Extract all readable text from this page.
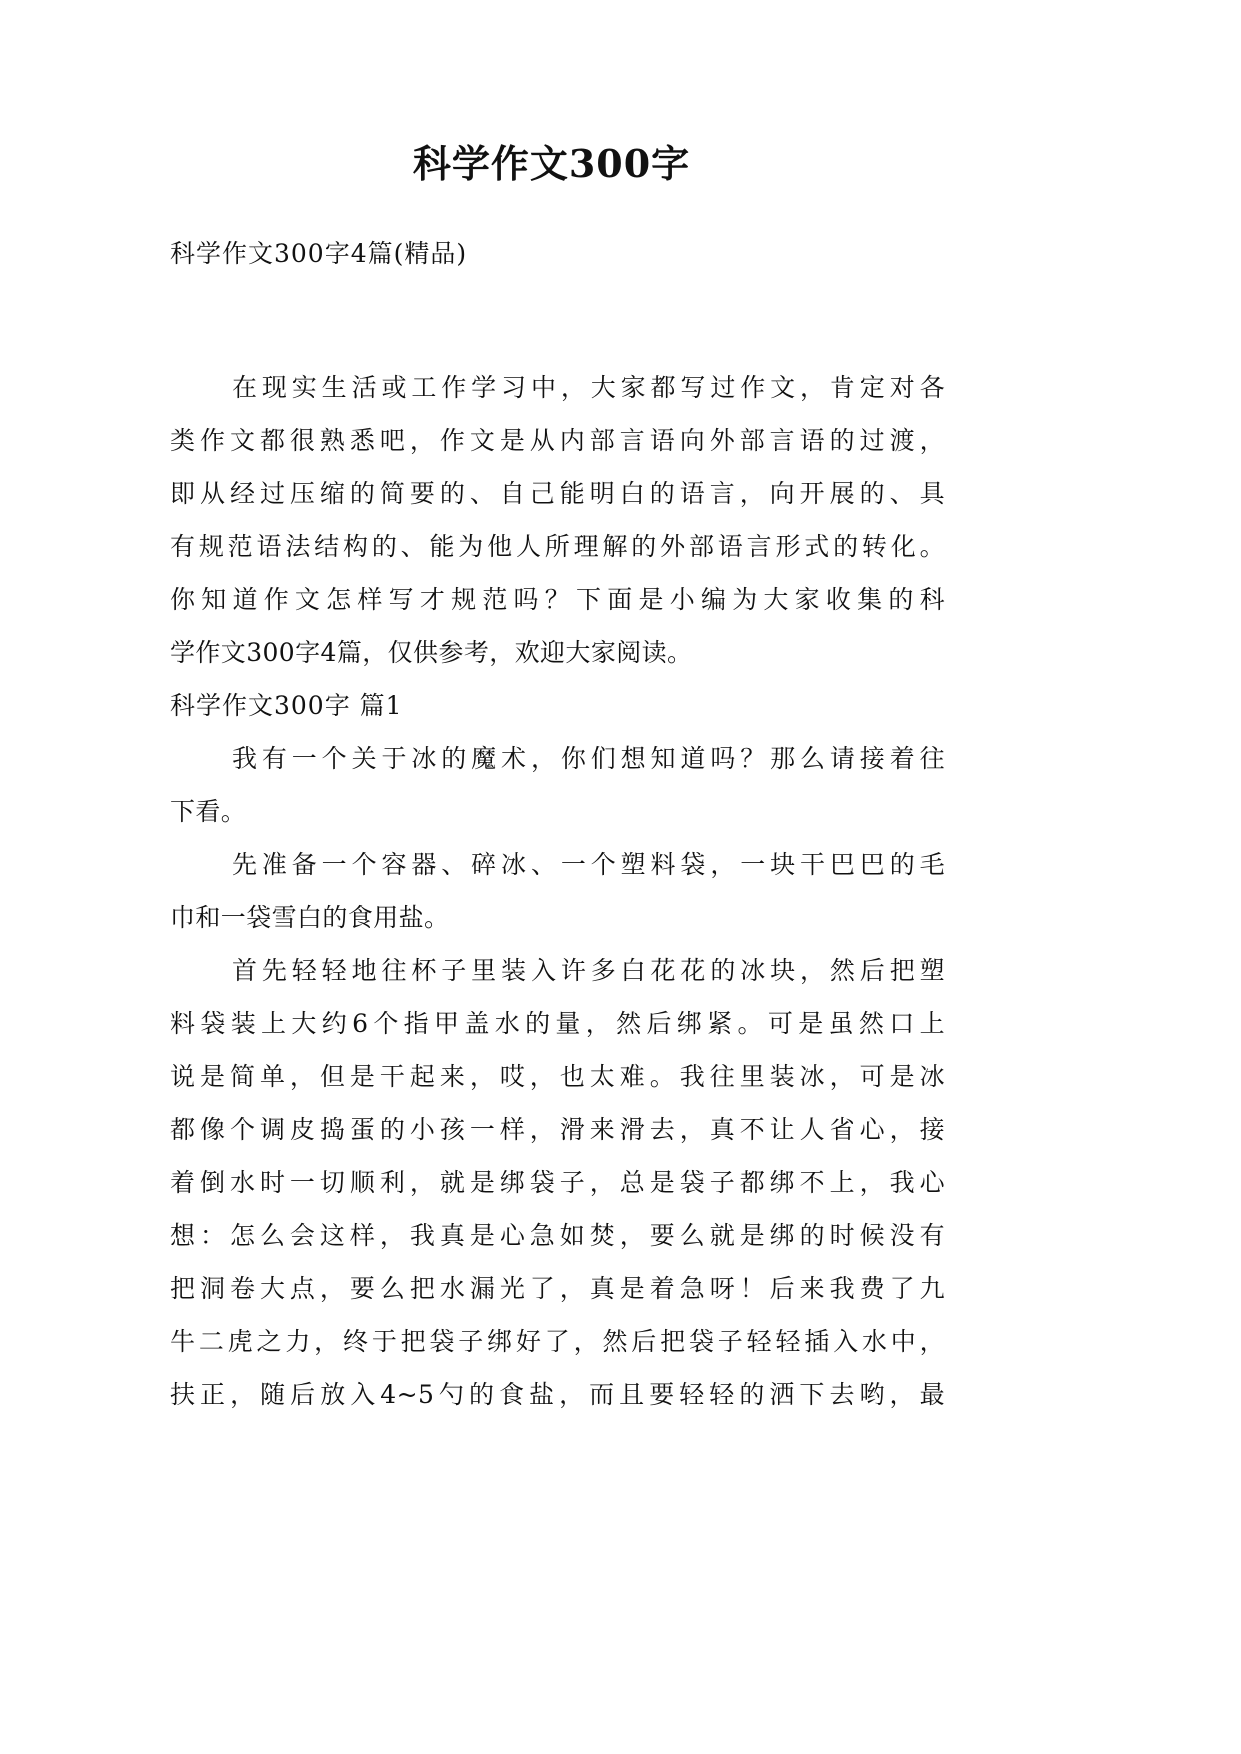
科学作文300字
科学作文300字4篇(精品)
在现实生活或工作学习中，大家都写过作文，肯定对各
类作文都很熟悉吧，作文是从内部言语向外部言语的过渡，
即从经过压缩的简要的、自己能明白的语言，向开展的、具
有规范语法结构的、能为他人所理解的外部语言形式的转化。
你知道作文怎样写才规范吗？下面是小编为大家收集的科
学作文300字4篇，仅供参考，欢迎大家阅读。
科学作文300字 篇1
我有一个关于冰的魔术，你们想知道吗？那么请接着往
下看。
先准备一个容器、碎冰、一个塑料袋，一块干巴巴的毛
巾和一袋雪白的食用盐。
首先轻轻地往杯子里装入许多白花花的冰块，然后把塑
料袋装上大约6个指甲盖水的量，然后绑紧。可是虽然口上
说是简单，但是干起来，哎，也太难。我往里装冰，可是冰
都像个调皮捣蛋的小孩一样，滑来滑去，真不让人省心，接
着倒水时一切顺利，就是绑袋子，总是袋子都绑不上，我心
想：怎么会这样，我真是心急如焚，要么就是绑的时候没有
把洞卷大点，要么把水漏光了，真是着急呀！后来我费了九
牛二虎之力，终于把袋子绑好了，然后把袋子轻轻插入水中，
扶正，随后放入4~5勺的食盐，而且要轻轻的洒下去哟，最
